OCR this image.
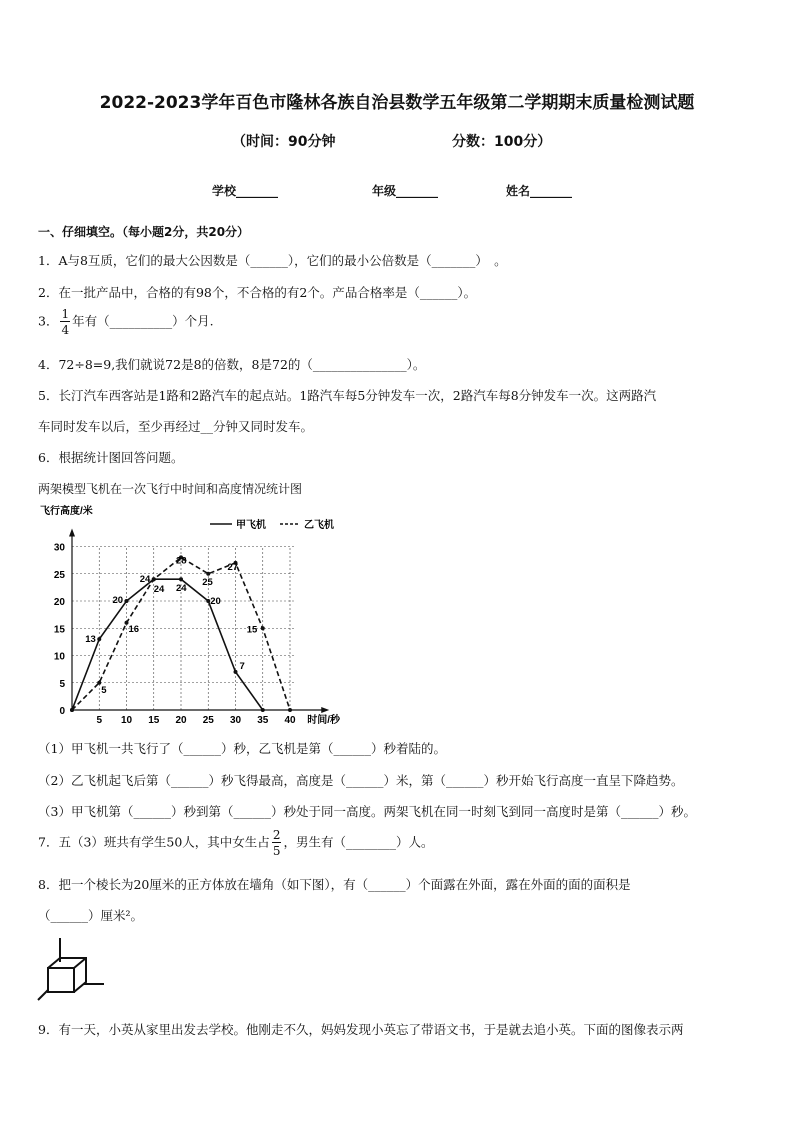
2022-2023学年百色市隆林各族自治县数学五年级第二学期期末质量检测试题
（时间：90分钟	分数：100分）
学校_______	年级_______	姓名_______
一、仔细填空。（每小题2分，共20分）
1．A与8互质，它们的最大公因数是（______），它们的最小公倍数是（_______）　。
2．在一批产品中，合格的有98个，不合格的有2个。产品合格率是（______）。
3． $\frac{1}{4}$ 年有（__________）个月.
4．72÷8=9,我们就说72是8的倍数，8是72的（_______________）。
5．长汀汽车西客站是1路和2路汽车的起点站。1路汽车每5分钟发车一次，2路汽车每8分钟发车一次。这两路汽
车同时发车以后，至少再经过__分钟又同时发车。
6．根据统计图回答问题。
两架模型飞机在一次飞行中时间和高度情况统计图
5 10 15 20 25 30 35 40
0
5
10
15
20
25
30
时间/秒
飞行高度/米
甲飞机	乙飞机
13
20
24
24
20
7
5
16
24
28
25
27
15
（1）甲飞机一共飞行了（______）秒，乙飞机是第（______）秒着陆的。
（2）乙飞机起飞后第（______）秒飞得最高，高度是（______）米，第（______）秒开始飞行高度一直呈下降趋势。
（3）甲飞机第（______）秒到第（______）秒处于同一高度。两架飞机在同一时刻飞到同一高度时是第（______）秒。
7．五（3）班共有学生50人，其中女生占 $\frac{2}{5}$ ，男生有（________）人。
8．把一个棱长为20厘米的正方体放在墙角（如下图），有（______）个面露在外面，露在外面的面的面积是
（______）厘米²。
9．有一天，小英从家里出发去学校。他刚走不久，妈妈发现小英忘了带语文书，于是就去追小英。下面的图像表示两
